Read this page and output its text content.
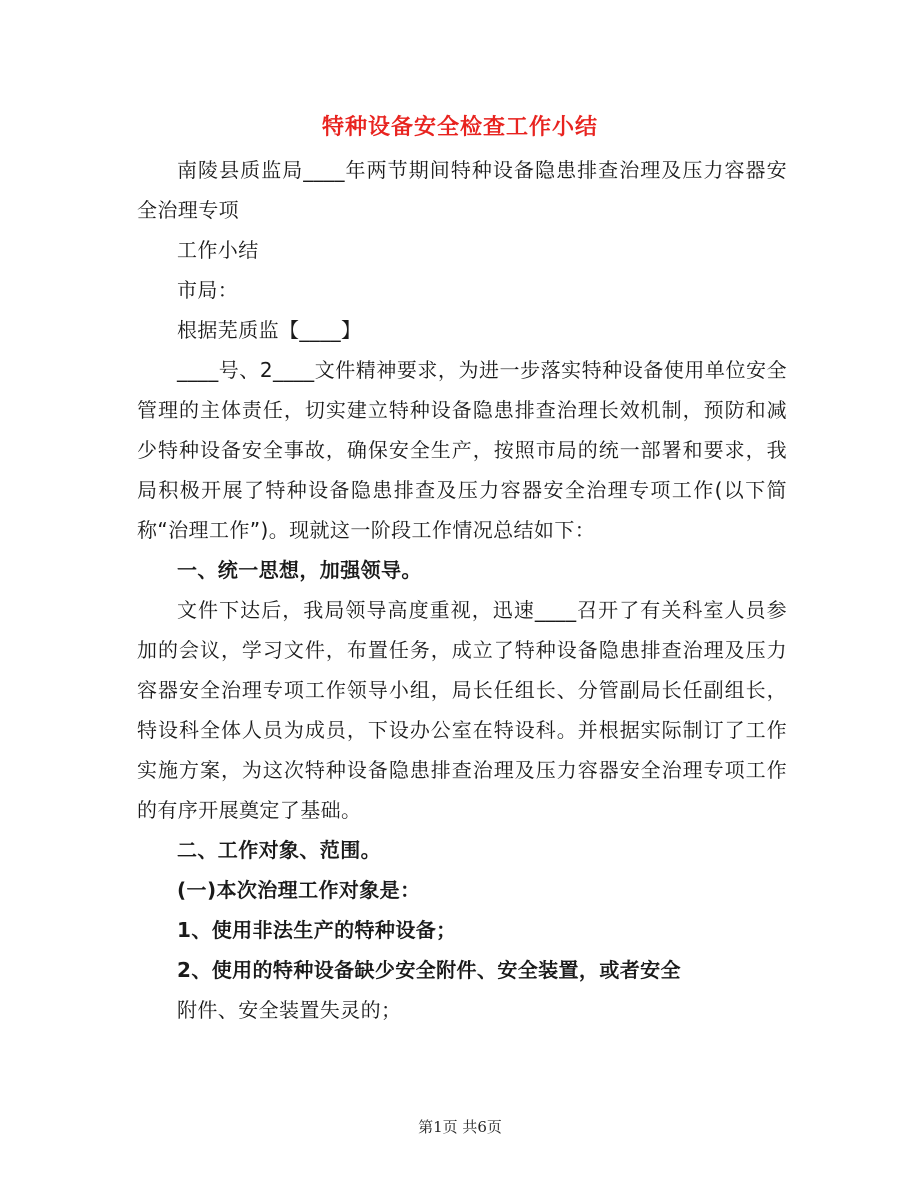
特种设备安全检查工作小结

南陵县质监局____年两节期间特种设备隐患排查治理及压力容器安全治理专项

工作小结

市局：

根据芜质监【____】

____号、2____文件精神要求，为进一步落实特种设备使用单位安全管理的主体责任，切实建立特种设备隐患排查治理长效机制，预防和减少特种设备安全事故，确保安全生产，按照市局的统一部署和要求，我局积极开展了特种设备隐患排查及压力容器安全治理专项工作(以下简称“治理工作”)。现就这一阶段工作情况总结如下：

一、统一思想，加强领导。

文件下达后，我局领导高度重视，迅速____召开了有关科室人员参加的会议，学习文件，布置任务，成立了特种设备隐患排查治理及压力容器安全治理专项工作领导小组，局长任组长、分管副局长任副组长，特设科全体人员为成员，下设办公室在特设科。并根据实际制订了工作实施方案，为这次特种设备隐患排查治理及压力容器安全治理专项工作的有序开展奠定了基础。

二、工作对象、范围。

(一)本次治理工作对象是：

1、使用非法生产的特种设备；

2、使用的特种设备缺少安全附件、安全装置，或者安全

附件、安全装置失灵的；

第1页 共6页
